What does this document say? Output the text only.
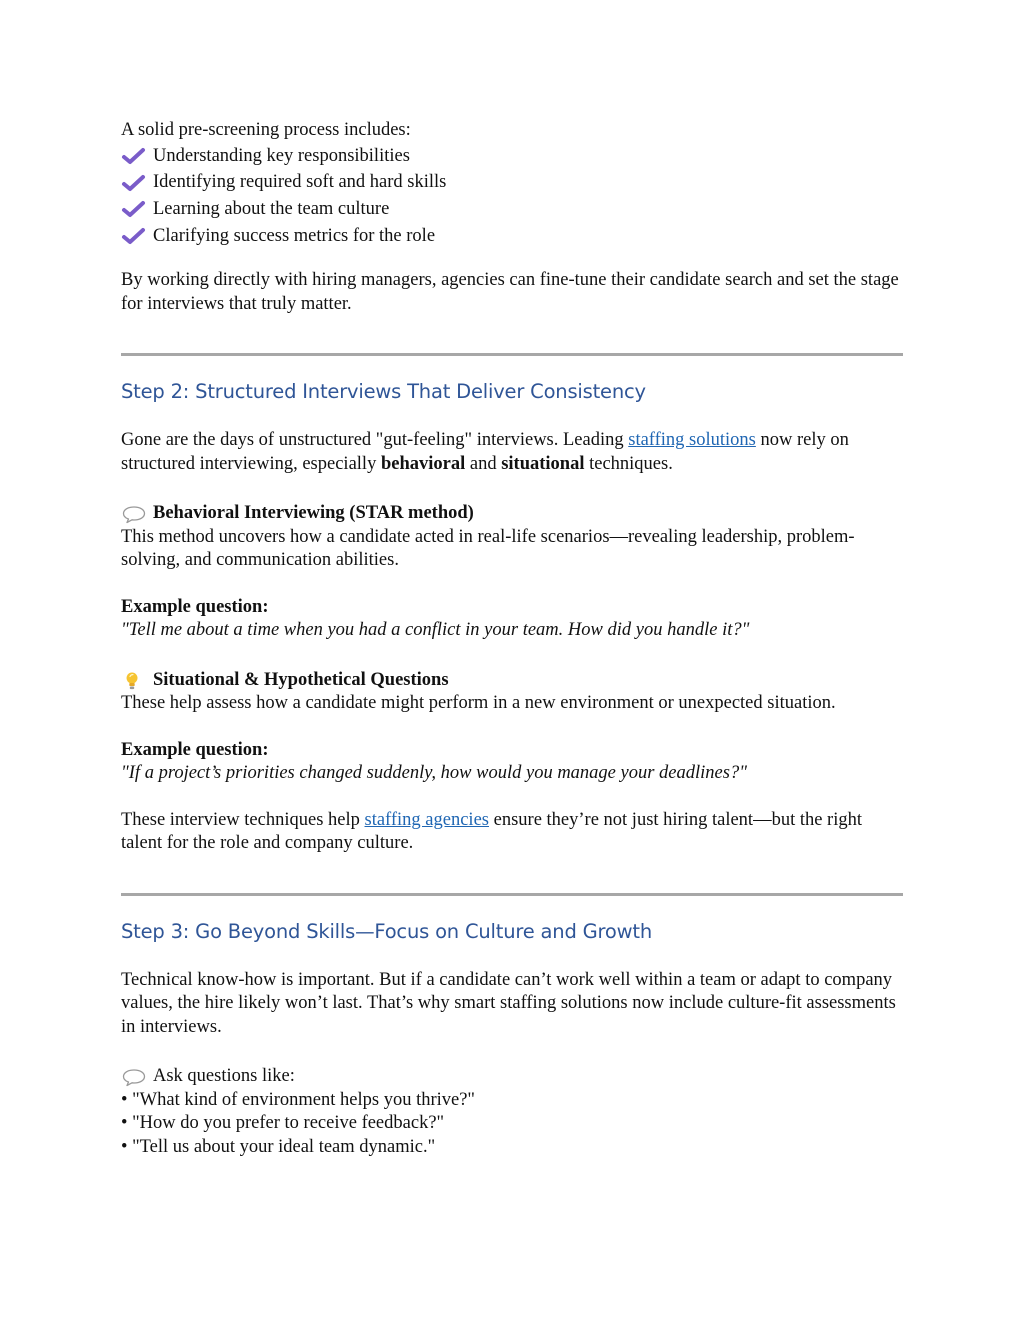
A solid pre-screening process includes:

Understanding key responsibilities
Identifying required soft and hard skills
Learning about the team culture
Clarifying success metrics for the role

By working directly with hiring managers, agencies can fine-tune their candidate search and set the stage for interviews that truly matter.

Step 2: Structured Interviews That Deliver Consistency

Gone are the days of unstructured "gut-feeling" interviews. Leading staffing solutions now rely on structured interviewing, especially behavioral and situational techniques.

Behavioral Interviewing (STAR method)

This method uncovers how a candidate acted in real-life scenarios—revealing leadership, problem-solving, and communication abilities.

Example question:

"Tell me about a time when you had a conflict in your team. How did you handle it?"

Situational & Hypothetical Questions

These help assess how a candidate might perform in a new environment or unexpected situation.

Example question:

"If a project’s priorities changed suddenly, how would you manage your deadlines?"

These interview techniques help staffing agencies ensure they’re not just hiring talent—but the right talent for the role and company culture.

Step 3: Go Beyond Skills—Focus on Culture and Growth

Technical know-how is important. But if a candidate can’t work well within a team or adapt to company values, the hire likely won’t last. That’s why smart staffing solutions now include culture-fit assessments in interviews.

Ask questions like:

• "What kind of environment helps you thrive?"

• "How do you prefer to receive feedback?"

• "Tell us about your ideal team dynamic."
